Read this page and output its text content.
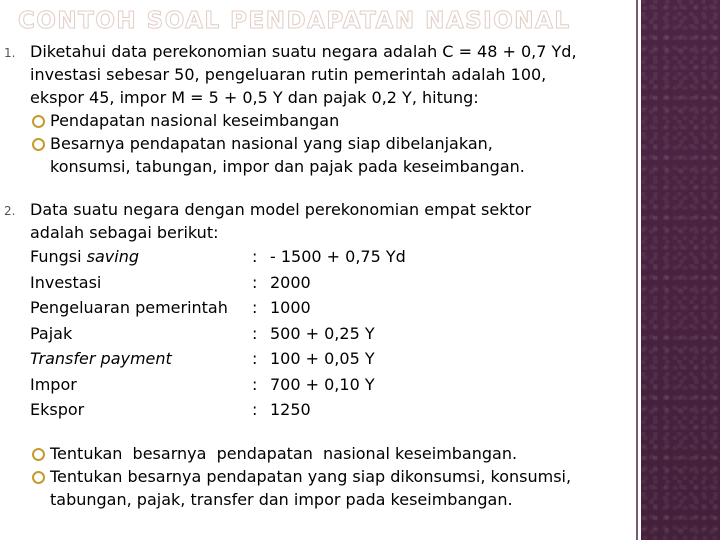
CONTOH SOAL PENDAPATAN NASIONAL
1. Diketahui data perekonomian suatu negara adalah C = 48 + 0,7 Yd,
investasi sebesar 50, pengeluaran rutin pemerintah adalah 100,
ekspor 45, impor M = 5 + 0,5 Y dan pajak 0,2 Y, hitung:
Pendapatan nasional keseimbangan
Besarnya pendapatan nasional yang siap dibelanjakan,
konsumsi, tabungan, impor dan pajak pada keseimbangan.
2. Data suatu negara dengan model perekonomian empat sektor
adalah sebagai berikut:
Fungsi saving	: - 1500 + 0,75 Yd
Investasi	: 2000
Pengeluaran pemerintah : 1000
Pajak	: 500 + 0,25 Y
Transfer payment	: 100 + 0,05 Y
Impor	: 700 + 0,10 Y
Ekspor	: 1250
Tentukan  besarnya  pendapatan  nasional keseimbangan.
Tentukan besarnya pendapatan yang siap dikonsumsi, konsumsi,
tabungan, pajak, transfer dan impor pada keseimbangan.
